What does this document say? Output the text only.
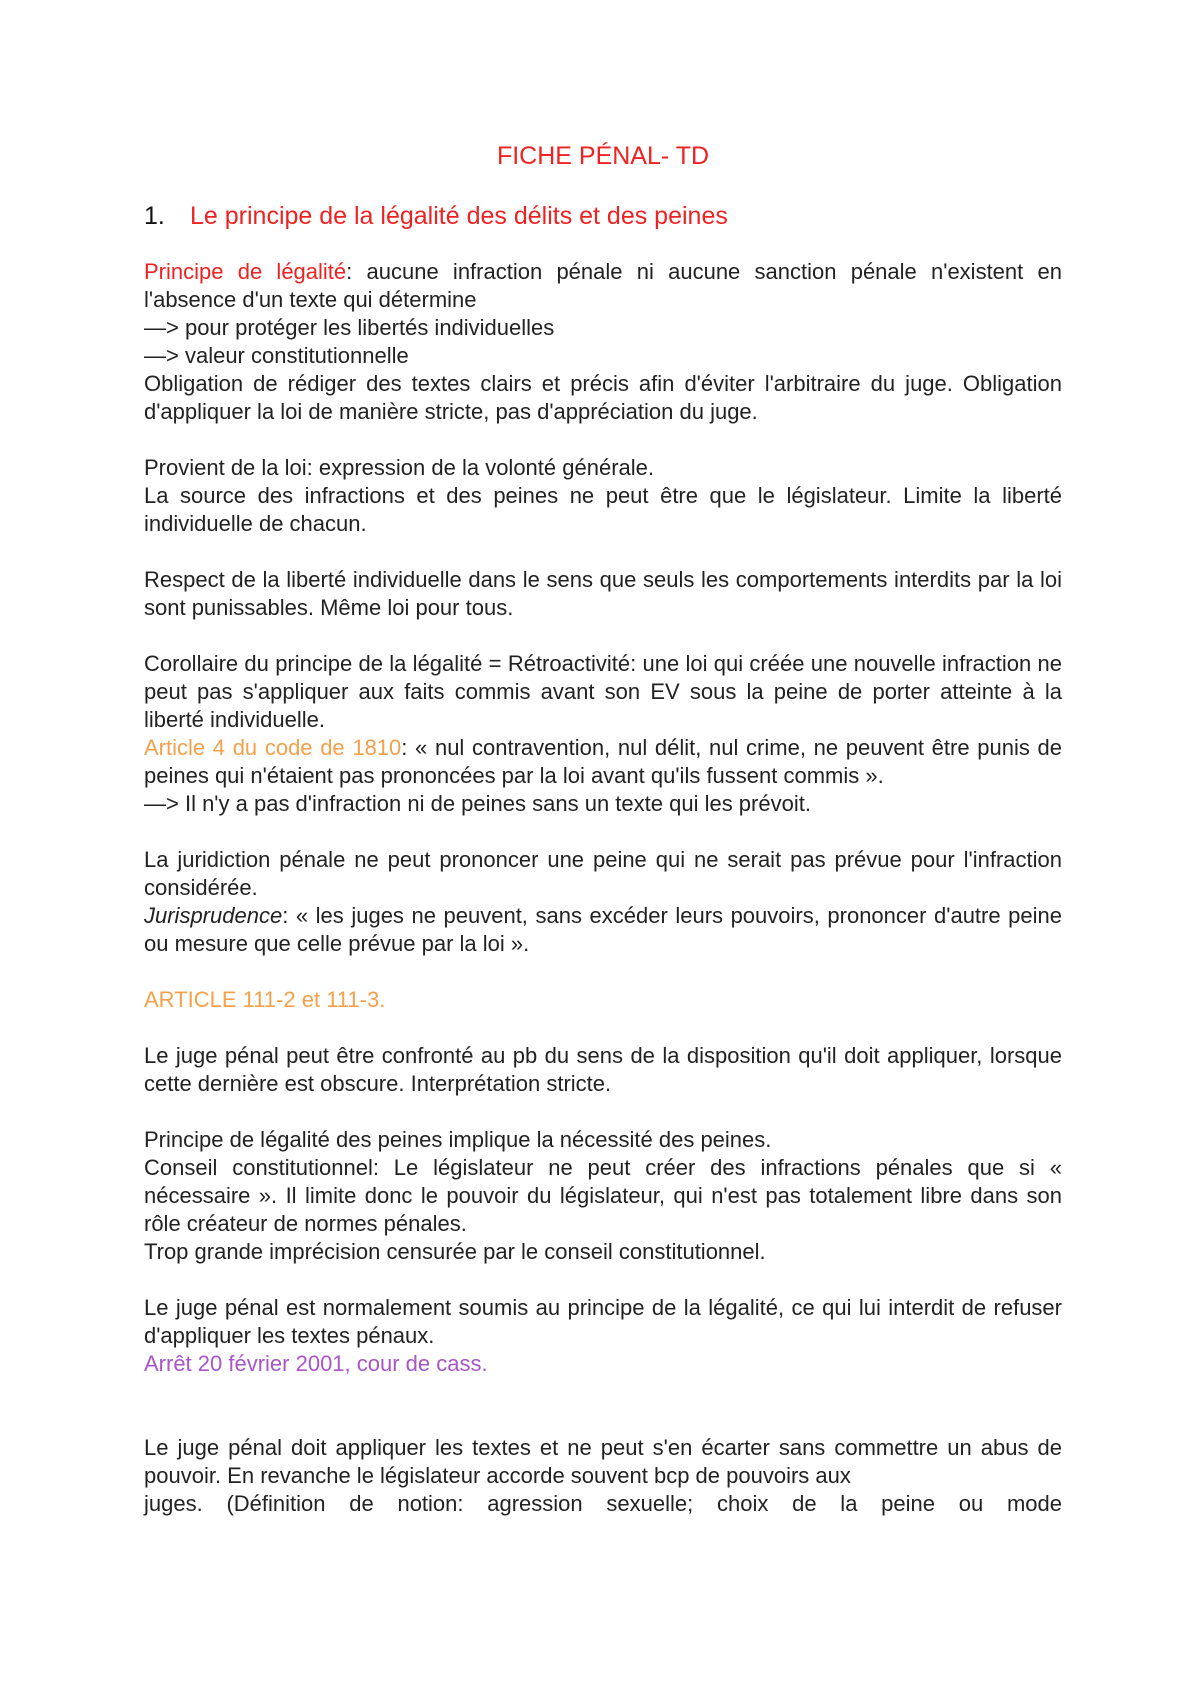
FICHE PÉNAL- TD
1.	Le principe de la légalité des délits et des peines

Principe de légalité: aucune infraction pénale ni aucune sanction pénale n'existent en l'absence d'un texte qui détermine

—> pour protéger les libertés individuelles

—> valeur constitutionnelle

Obligation de rédiger des textes clairs et précis afin d'éviter l'arbitraire du juge. Obligation d'appliquer la loi de manière stricte, pas d'appréciation du juge.

Provient de la loi: expression de la volonté générale.

La source des infractions et des peines ne peut être que le législateur. Limite la liberté individuelle de chacun.

Respect de la liberté individuelle dans le sens que seuls les comportements interdits par la loi sont punissables. Même loi pour tous.

Corollaire du principe de la légalité = Rétroactivité: une loi qui créée une nouvelle infraction ne peut pas s'appliquer aux faits commis avant son EV sous la peine de porter atteinte à la liberté individuelle.

Article 4 du code de 1810: « nul contravention, nul délit, nul crime, ne peuvent être punis de peines qui n'étaient pas prononcées par la loi avant qu'ils fussent commis ».

—> Il n'y a pas d'infraction ni de peines sans un texte qui les prévoit.

La juridiction pénale ne peut prononcer une peine qui ne serait pas prévue pour l'infraction considérée.

Jurisprudence: « les juges ne peuvent, sans excéder leurs pouvoirs, prononcer d'autre peine ou mesure que celle prévue par la loi ».

ARTICLE 111-2 et 111-3.

Le juge pénal peut être confronté au pb du sens de la disposition qu'il doit appliquer, lorsque cette dernière est obscure. Interprétation stricte.

Principe de légalité des peines implique la nécessité des peines.

Conseil constitutionnel: Le législateur ne peut créer des infractions pénales que si « nécessaire ». Il limite donc le pouvoir du législateur, qui n'est pas totalement libre dans son rôle créateur de normes pénales.

Trop grande imprécision censurée par le conseil constitutionnel.

Le juge pénal est normalement soumis au principe de la légalité, ce qui lui interdit de refuser d'appliquer les textes pénaux.

Arrêt 20 février 2001, cour de cass.

Le juge pénal doit appliquer les textes et ne peut s'en écarter sans commettre un abus de pouvoir. En revanche le législateur accorde souvent bcp de pouvoirs aux

juges. (Définition de notion: agression sexuelle; choix de la peine ou mode
